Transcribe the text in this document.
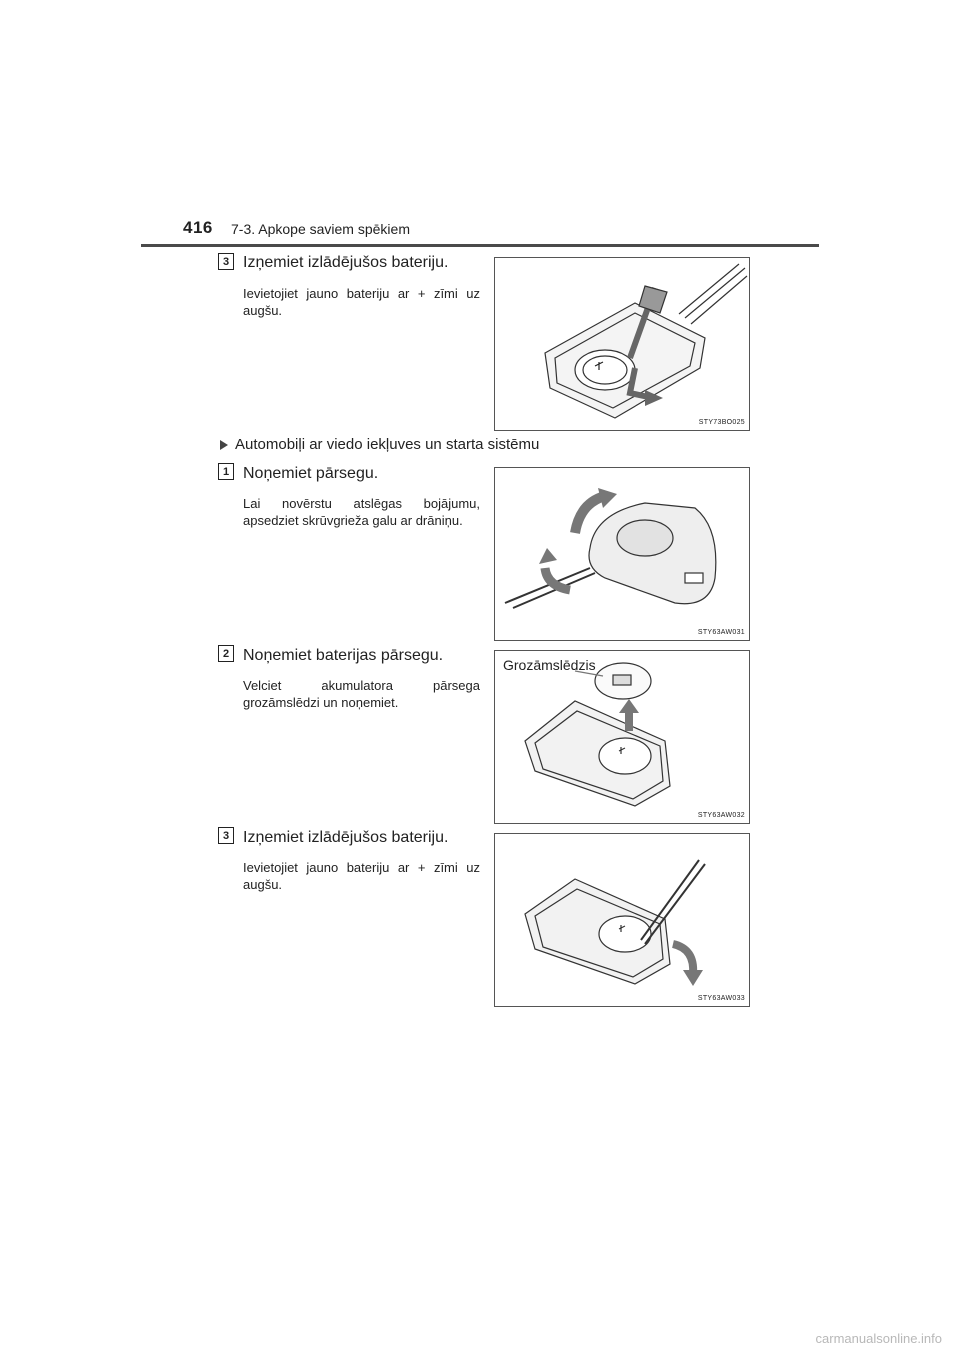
416 7-3. Apkope saviem spēkiem
3 Izņemiet izlādējušos bateriju.
Ievietojiet jauno bateriju ar + zīmi uz augšu.
STY73BO025
Automobiļi ar viedo iekļuves un starta sistēmu
1 Noņemiet pārsegu.
Lai novērstu atslēgas bojājumu, apsedziet skrūvgrieža galu ar drāniņu.
STY63AW031
2 Noņemiet baterijas pārsegu.
Velciet akumulatora pārsega grozāmslēdzi un noņemiet.
Grozāmslēdzis
STY63AW032
3 Izņemiet izlādējušos bateriju.
Ievietojiet jauno bateriju ar + zīmi uz augšu.
STY63AW033
carmanualsonline.info
